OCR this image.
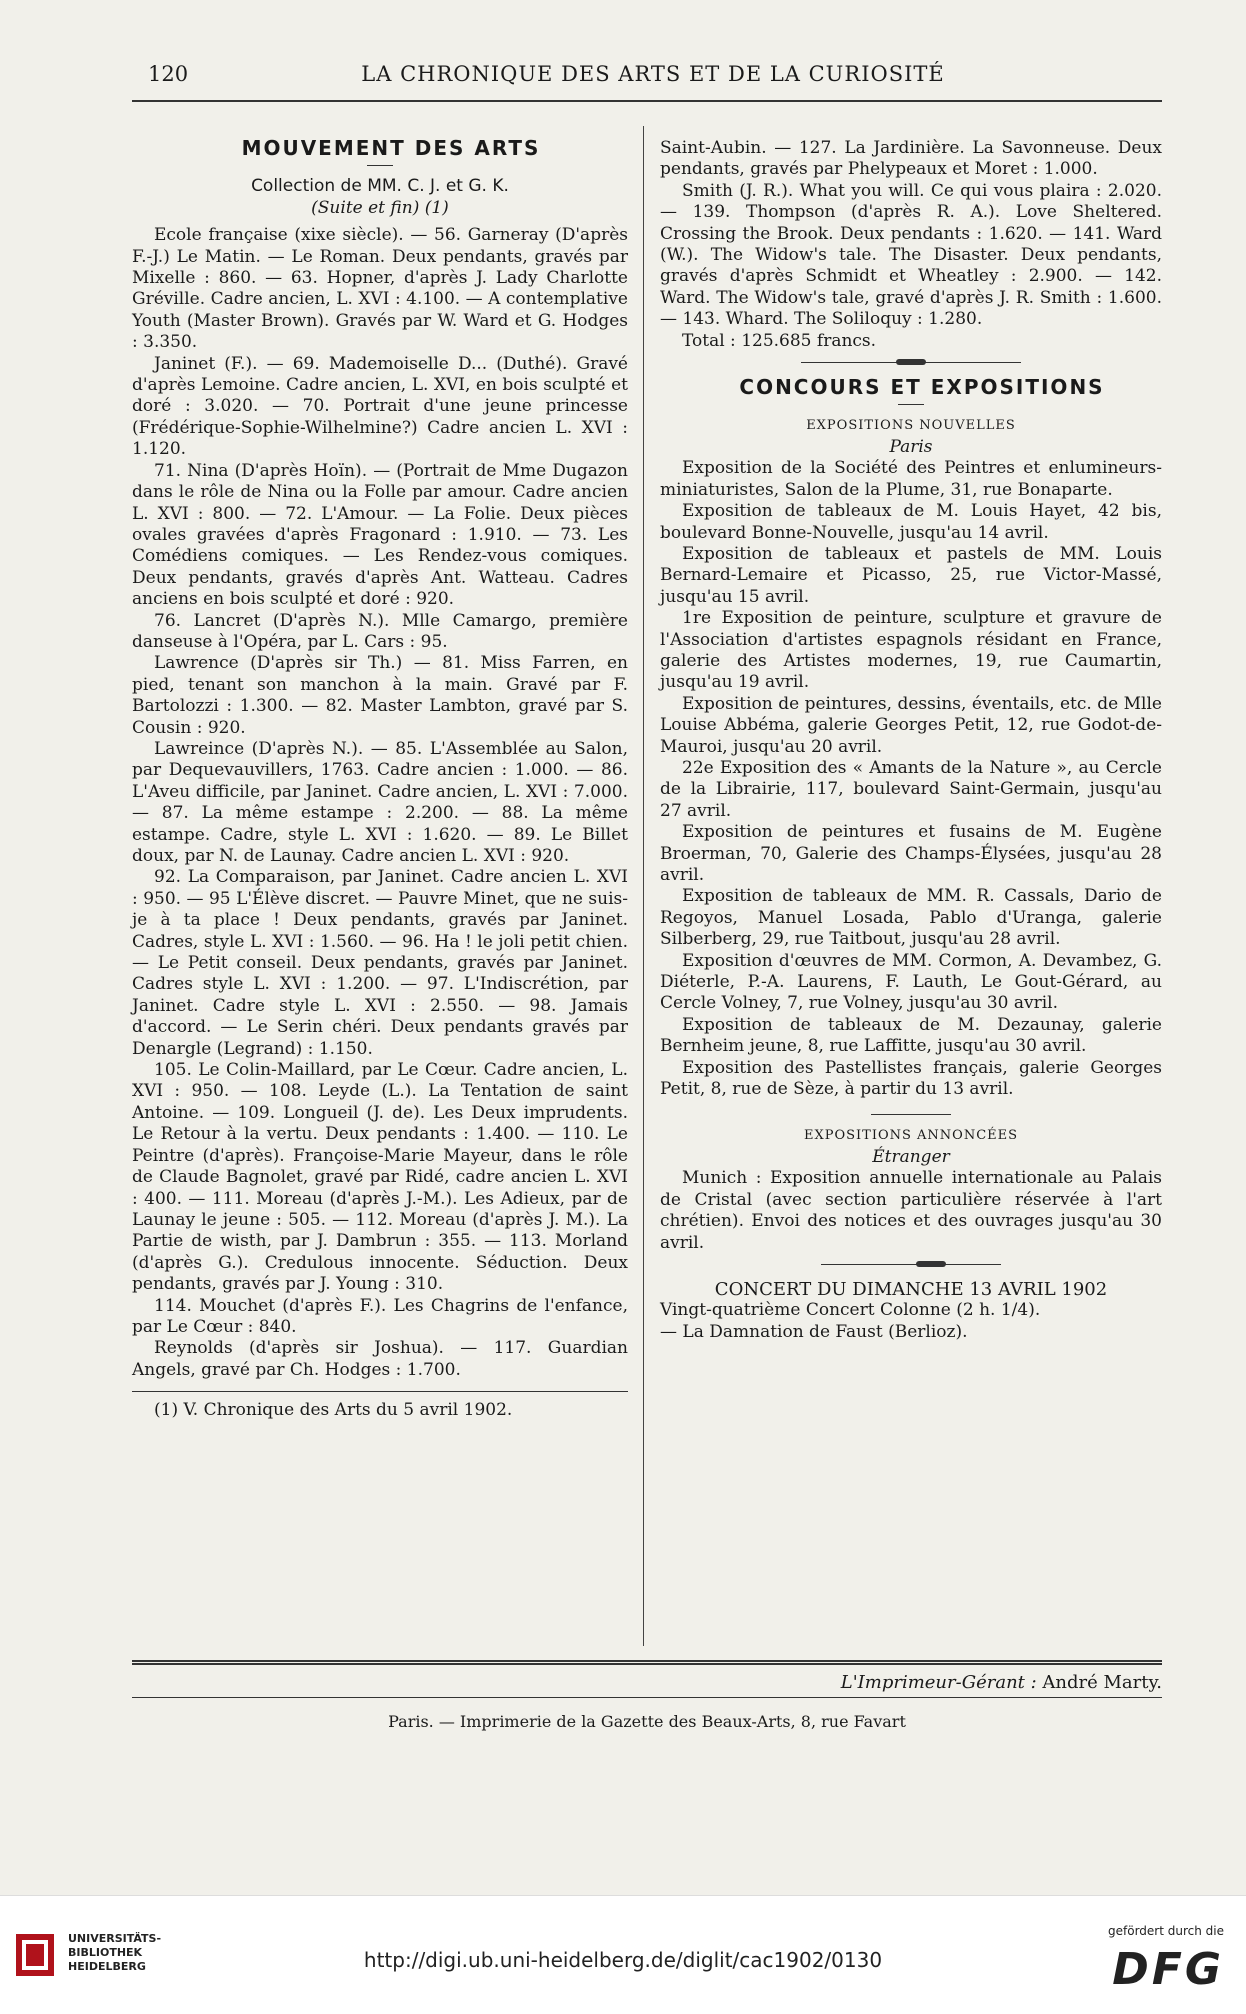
120	LA CHRONIQUE DES ARTS ET DE LA CURIOSITÉ

MOUVEMENT DES ARTS

Collection de MM. C. J. et G. K.

(Suite et fin) (1)

Ecole française (xixe siècle). — 56. Garneray (D'après F.-J.) Le Matin. — Le Roman. Deux pendants, gravés par Mixelle : 860. — 63. Hopner, d'après J. Lady Charlotte Gréville. Cadre ancien, L. XVI : 4.100. — A contemplative Youth (Master Brown). Gravés par W. Ward et G. Hodges : 3.350.

Janinet (F.). — 69. Mademoiselle D... (Duthé). Gravé d'après Lemoine. Cadre ancien, L. XVI, en bois sculpté et doré : 3.020. — 70. Portrait d'une jeune princesse (Frédérique-Sophie-Wilhelmine?) Cadre ancien L. XVI : 1.120.

71. Nina (D'après Hoïn). — (Portrait de Mme Dugazon dans le rôle de Nina ou la Folle par amour. Cadre ancien L. XVI : 800. — 72. L'Amour. — La Folie. Deux pièces ovales gravées d'après Fragonard : 1.910. — 73. Les Comédiens comiques. — Les Rendez-vous comiques. Deux pendants, gravés d'après Ant. Watteau. Cadres anciens en bois sculpté et doré : 920.

76. Lancret (D'après N.). Mlle Camargo, première danseuse à l'Opéra, par L. Cars : 95.

Lawrence (D'après sir Th.) — 81. Miss Farren, en pied, tenant son manchon à la main. Gravé par F. Bartolozzi : 1.300. — 82. Master Lambton, gravé par S. Cousin : 920.

Lawreince (D'après N.). — 85. L'Assemblée au Salon, par Dequevauvillers, 1763. Cadre ancien : 1.000. — 86. L'Aveu difficile, par Janinet. Cadre ancien, L. XVI : 7.000. — 87. La même estampe : 2.200. — 88. La même estampe. Cadre, style L. XVI : 1.620. — 89. Le Billet doux, par N. de Launay. Cadre ancien L. XVI : 920.

92. La Comparaison, par Janinet. Cadre ancien L. XVI : 950. — 95 L'Élève discret. — Pauvre Minet, que ne suis-je à ta place ! Deux pendants, gravés par Janinet. Cadres, style L. XVI : 1.560. — 96. Ha ! le joli petit chien. — Le Petit conseil. Deux pendants, gravés par Janinet. Cadres style L. XVI : 1.200. — 97. L'Indiscrétion, par Janinet. Cadre style L. XVI : 2.550. — 98. Jamais d'accord. — Le Serin chéri. Deux pendants gravés par Denargle (Legrand) : 1.150.

105. Le Colin-Maillard, par Le Cœur. Cadre ancien, L. XVI : 950. — 108. Leyde (L.). La Tentation de saint Antoine. — 109. Longueil (J. de). Les Deux imprudents. Le Retour à la vertu. Deux pendants : 1.400. — 110. Le Peintre (d'après). Françoise-Marie Mayeur, dans le rôle de Claude Bagnolet, gravé par Ridé, cadre ancien L. XVI : 400. — 111. Moreau (d'après J.-M.). Les Adieux, par de Launay le jeune : 505. — 112. Moreau (d'après J. M.). La Partie de wisth, par J. Dambrun : 355. — 113. Morland (d'après G.). Credulous innocente. Séduction. Deux pendants, gravés par J. Young : 310.

114. Mouchet (d'après F.). Les Chagrins de l'enfance, par Le Cœur : 840.

Reynolds (d'après sir Joshua). — 117. Guardian Angels, gravé par Ch. Hodges : 1.700.

(1) V. Chronique des Arts du 5 avril 1902.

Saint-Aubin. — 127. La Jardinière. La Savonneuse. Deux pendants, gravés par Phelypeaux et Moret : 1.000.

Smith (J. R.). What you will. Ce qui vous plaira : 2.020. — 139. Thompson (d'après R. A.). Love Sheltered. Crossing the Brook. Deux pendants : 1.620. — 141. Ward (W.). The Widow's tale. The Disaster. Deux pendants, gravés d'après Schmidt et Wheatley : 2.900. — 142. Ward. The Widow's tale, gravé d'après J. R. Smith : 1.600. — 143. Whard. The Soliloquy : 1.280.

Total : 125.685 francs.

CONCOURS ET EXPOSITIONS

EXPOSITIONS NOUVELLES

Paris

Exposition de la Société des Peintres et enlumineurs-miniaturistes, Salon de la Plume, 31, rue Bonaparte.

Exposition de tableaux de M. Louis Hayet, 42 bis, boulevard Bonne-Nouvelle, jusqu'au 14 avril.

Exposition de tableaux et pastels de MM. Louis Bernard-Lemaire et Picasso, 25, rue Victor-Massé, jusqu'au 15 avril.

1re Exposition de peinture, sculpture et gravure de l'Association d'artistes espagnols résidant en France, galerie des Artistes modernes, 19, rue Caumartin, jusqu'au 19 avril.

Exposition de peintures, dessins, éventails, etc. de Mlle Louise Abbéma, galerie Georges Petit, 12, rue Godot-de-Mauroi, jusqu'au 20 avril.

22e Exposition des « Amants de la Nature », au Cercle de la Librairie, 117, boulevard Saint-Germain, jusqu'au 27 avril.

Exposition de peintures et fusains de M. Eugène Broerman, 70, Galerie des Champs-Élysées, jusqu'au 28 avril.

Exposition de tableaux de MM. R. Cassals, Dario de Regoyos, Manuel Losada, Pablo d'Uranga, galerie Silberberg, 29, rue Taitbout, jusqu'au 28 avril.

Exposition d'œuvres de MM. Cormon, A. Devambez, G. Diéterle, P.-A. Laurens, F. Lauth, Le Gout-Gérard, au Cercle Volney, 7, rue Volney, jusqu'au 30 avril.

Exposition de tableaux de M. Dezaunay, galerie Bernheim jeune, 8, rue Laffitte, jusqu'au 30 avril.

Exposition des Pastellistes français, galerie Georges Petit, 8, rue de Sèze, à partir du 13 avril.

EXPOSITIONS ANNONCÉES

Étranger

Munich : Exposition annuelle internationale au Palais de Cristal (avec section particulière réservée à l'art chrétien). Envoi des notices et des ouvrages jusqu'au 30 avril.

CONCERT DU DIMANCHE 13 AVRIL 1902

Vingt-quatrième Concert Colonne (2 h. 1/4).

— La Damnation de Faust (Berlioz).

L'Imprimeur-Gérant : André Marty.
Paris. — Imprimerie de la Gazette des Beaux-Arts, 8, rue Favart
UNIVERSITÄTS-
BIBLIOTHEK
HEIDELBERG	http://digi.ub.uni-heidelberg.de/diglit/cac1902/0130
gefördert durch die
DFG
